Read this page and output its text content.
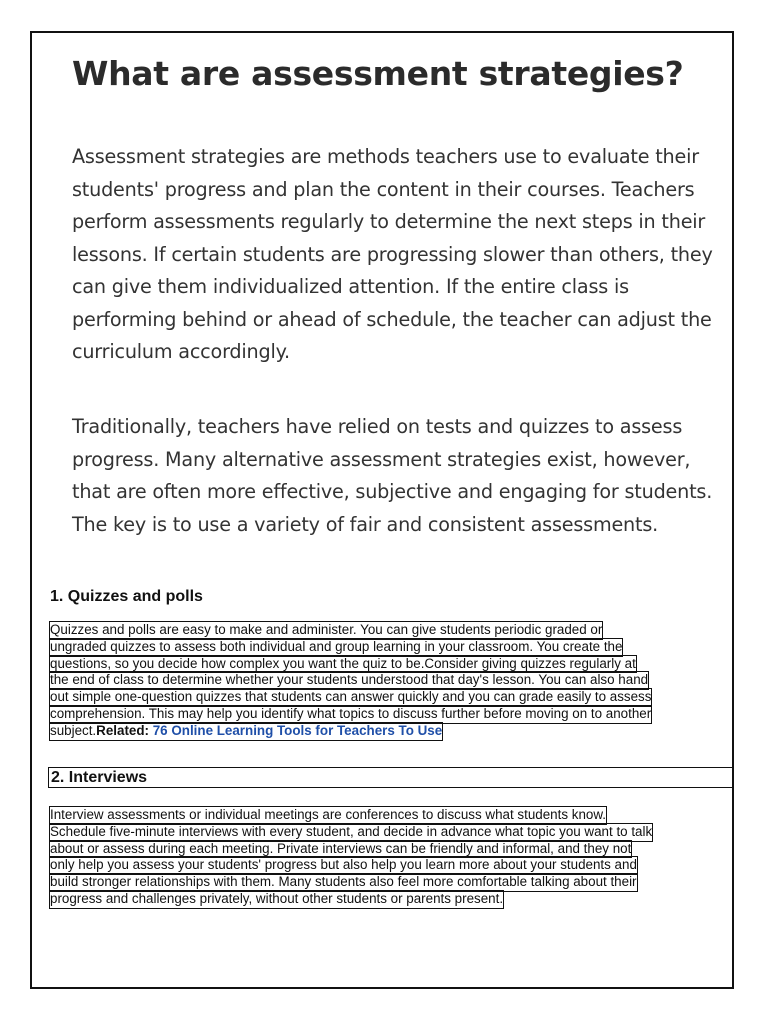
What are assessment strategies?

Assessment strategies are methods teachers use to evaluate their students' progress and plan the content in their courses. Teachers perform assessments regularly to determine the next steps in their lessons. If certain students are progressing slower than others, they can give them individualized attention. If the entire class is performing behind or ahead of schedule, the teacher can adjust the curriculum accordingly.

Traditionally, teachers have relied on tests and quizzes to assess progress. Many alternative assessment strategies exist, however, that are often more effective, subjective and engaging for students. The key is to use a variety of fair and consistent assessments.

1. Quizzes and polls
Quizzes and polls are easy to make and administer. You can give students periodic graded or
ungraded quizzes to assess both individual and group learning in your classroom. You create the
questions, so you decide how complex you want the quiz to be.Consider giving quizzes regularly at
the end of class to determine whether your students understood that day's lesson. You can also hand
out simple one-question quizzes that students can answer quickly and you can grade easily to assess
comprehension. This may help you identify what topics to discuss further before moving on to another
subject.Related: 76 Online Learning Tools for Teachers To Use
2. Interviews
Interview assessments or individual meetings are conferences to discuss what students know.
Schedule five-minute interviews with every student, and decide in advance what topic you want to talk
about or assess during each meeting. Private interviews can be friendly and informal, and they not
only help you assess your students' progress but also help you learn more about your students and
build stronger relationships with them. Many students also feel more comfortable talking about their
progress and challenges privately, without other students or parents present.
